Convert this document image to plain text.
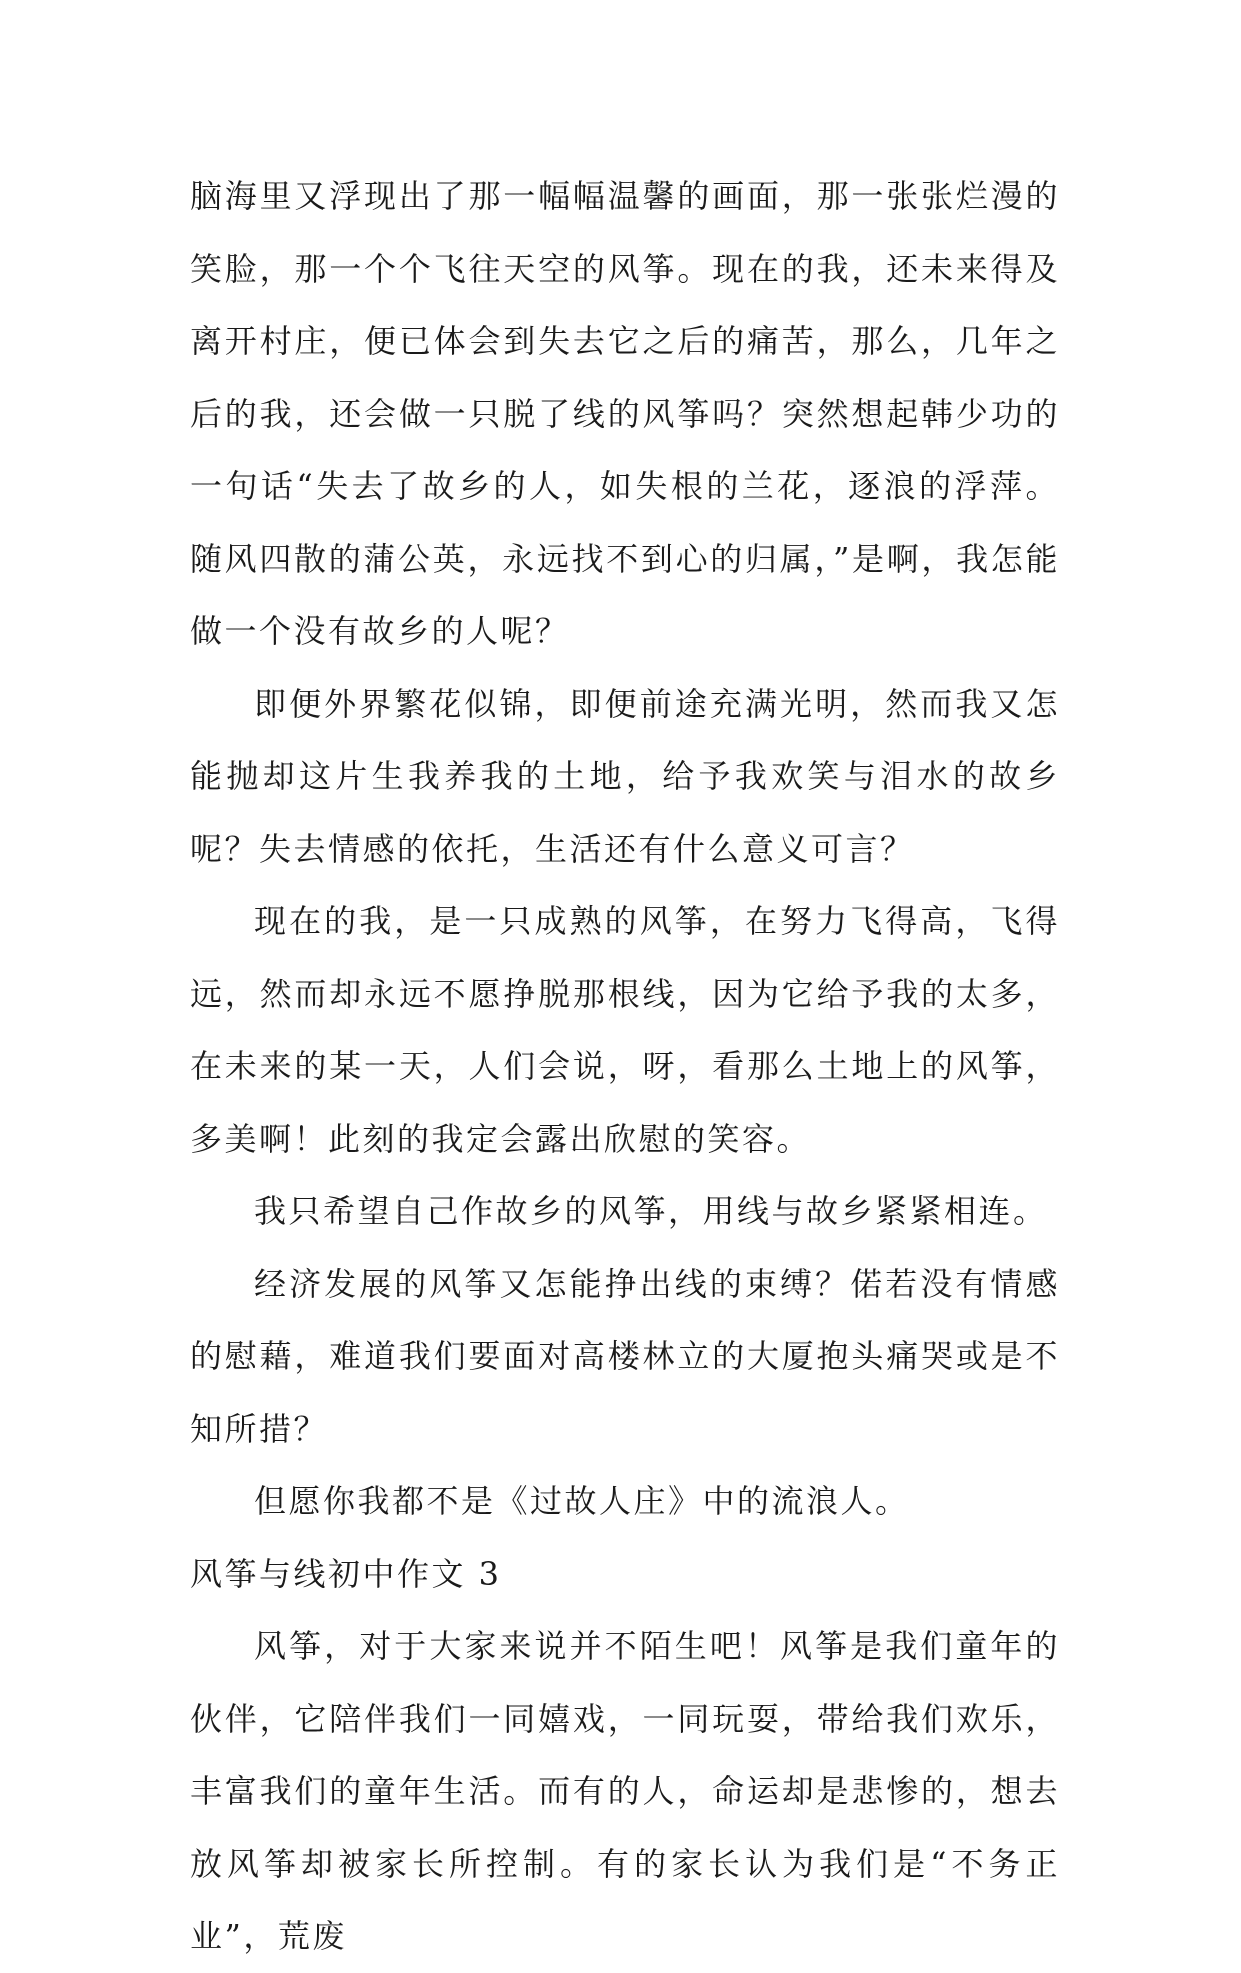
脑海里又浮现出了那一幅幅温馨的画面，那一张张烂漫的笑脸，那一个个飞往天空的风筝。现在的我，还未来得及离开村庄，便已体会到失去它之后的痛苦，那么，几年之后的我，还会做一只脱了线的风筝吗？突然想起韩少功的一句话“失去了故乡的人，如失根的兰花，逐浪的浮萍。随风四散的蒲公英，永远找不到心的归属，”是啊，我怎能做一个没有故乡的人呢？

即便外界繁花似锦，即便前途充满光明，然而我又怎能抛却这片生我养我的土地，给予我欢笑与泪水的故乡呢？失去情感的依托，生活还有什么意义可言？

现在的我，是一只成熟的风筝，在努力飞得高，飞得远，然而却永远不愿挣脱那根线，因为它给予我的太多，在未来的某一天，人们会说，呀，看那么土地上的风筝，多美啊！此刻的我定会露出欣慰的笑容。

我只希望自己作故乡的风筝，用线与故乡紧紧相连。

经济发展的风筝又怎能挣出线的束缚？偌若没有情感的慰藉，难道我们要面对高楼林立的大厦抱头痛哭或是不知所措？

但愿你我都不是《过故人庄》中的流浪人。

风筝与线初中作文 3

风筝，对于大家来说并不陌生吧！风筝是我们童年的伙伴，它陪伴我们一同嬉戏，一同玩耍，带给我们欢乐，丰富我们的童年生活。而有的人，命运却是悲惨的，想去放风筝却被家长所控制。有的家长认为我们是“不务正业”，荒废
